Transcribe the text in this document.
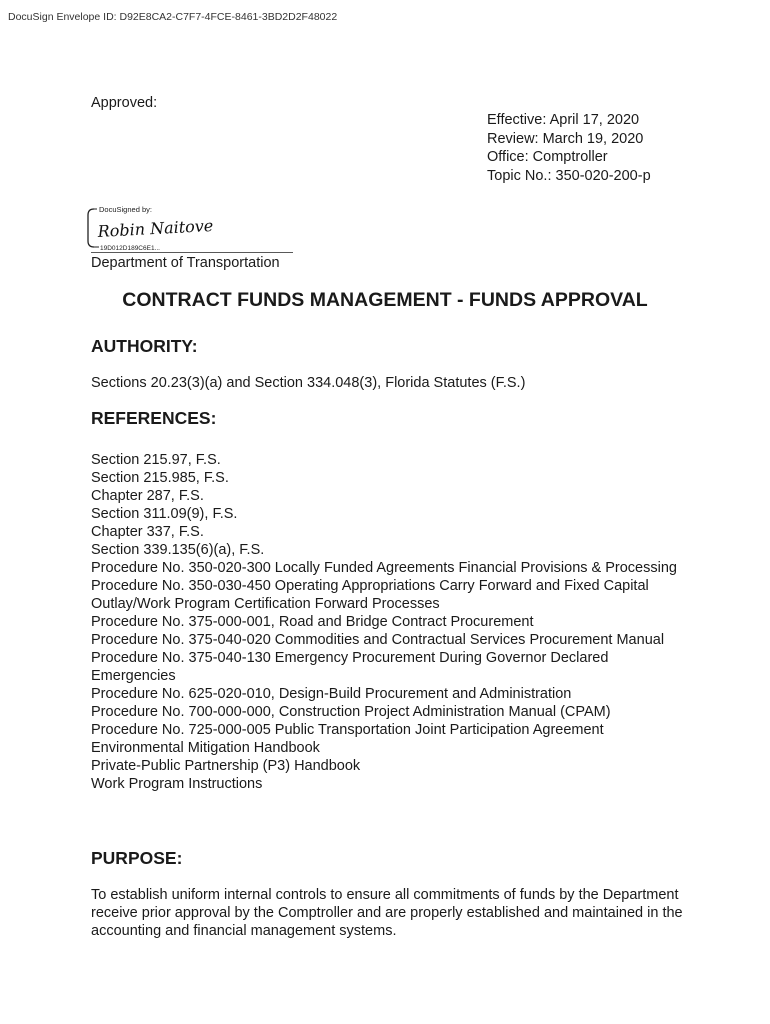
DocuSign Envelope ID: D92E8CA2-C7F7-4FCE-8461-3BD2D2F48022
Approved:
Effective: April 17, 2020
Review: March 19, 2020
Office: Comptroller
Topic No.: 350-020-200-p
DocuSigned by:
Robin Naitove
19D012D189C6E1...
Department of Transportation
CONTRACT FUNDS MANAGEMENT - FUNDS APPROVAL
AUTHORITY:
Sections 20.23(3)(a) and Section 334.048(3), Florida Statutes (F.S.)
REFERENCES:
Section 215.97, F.S.
Section 215.985, F.S.
Chapter 287, F.S.
Section 311.09(9), F.S.
Chapter 337, F.S.
Section 339.135(6)(a), F.S.
Procedure No. 350-020-300 Locally Funded Agreements Financial Provisions & Processing
Procedure No. 350-030-450 Operating Appropriations Carry Forward and Fixed Capital Outlay/Work Program Certification Forward Processes
Procedure No. 375-000-001, Road and Bridge Contract Procurement
Procedure No. 375-040-020 Commodities and Contractual Services Procurement Manual
Procedure No. 375-040-130 Emergency Procurement During Governor Declared Emergencies
Procedure No. 625-020-010, Design-Build Procurement and Administration
Procedure No. 700-000-000, Construction Project Administration Manual (CPAM)
Procedure No. 725-000-005 Public Transportation Joint Participation Agreement
Environmental Mitigation Handbook
Private-Public Partnership (P3) Handbook
Work Program Instructions
PURPOSE:
To establish uniform internal controls to ensure all commitments of funds by the Department receive prior approval by the Comptroller and are properly established and maintained in the accounting and financial management systems.
